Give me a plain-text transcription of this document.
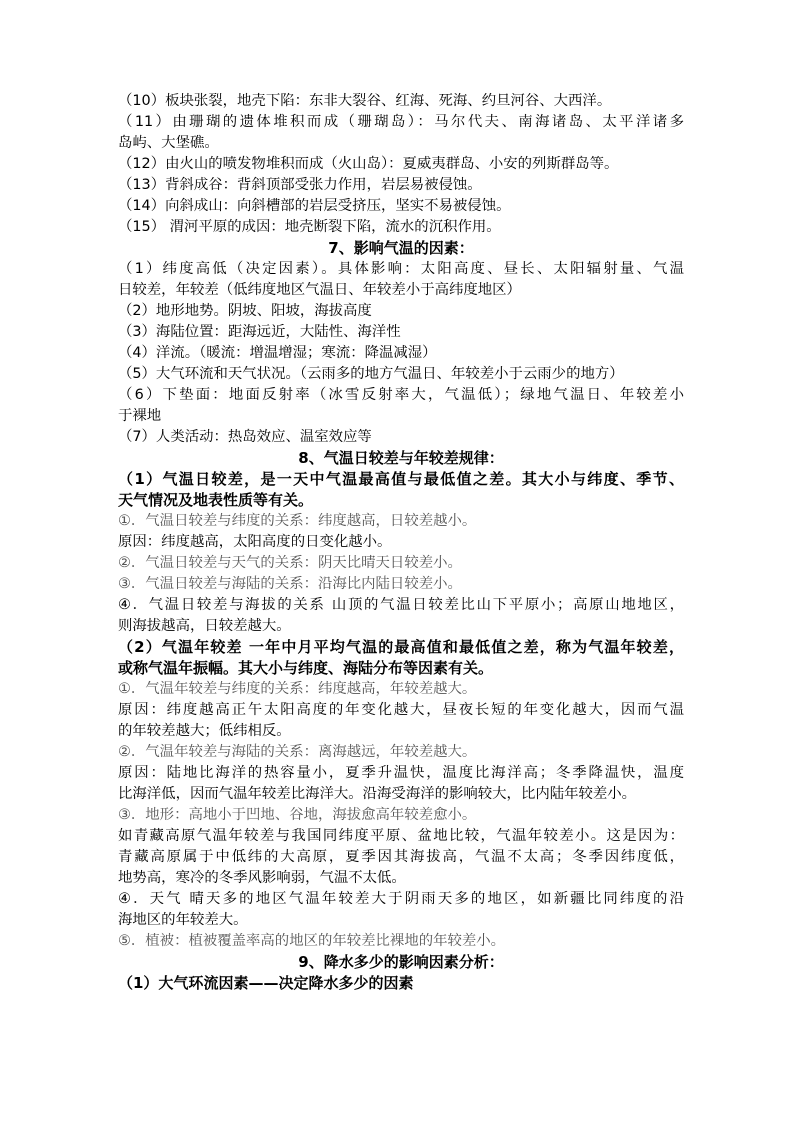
（10）板块张裂，地壳下陷：东非大裂谷、红海、死海、约旦河谷、大西洋。
（11）由珊瑚的遗体堆积而成（珊瑚岛）：马尔代夫、南海诸岛、太平洋诸多
岛屿、大堡礁。
（12）由火山的喷发物堆积而成（火山岛）：夏威夷群岛、小安的列斯群岛等。
（13）背斜成谷：背斜顶部受张力作用，岩层易被侵蚀。
（14）向斜成山：向斜槽部的岩层受挤压，坚实不易被侵蚀。
（15） 渭河平原的成因：地壳断裂下陷，流水的沉积作用。
7、影响气温的因素：
（1）纬度高低（决定因素）。具体影响：太阳高度、昼长、太阳辐射量、气温
日较差，年较差（低纬度地区气温日、年较差小于高纬度地区）
（2）地形地势。阴坡、阳坡，海拔高度
（3）海陆位置：距海远近，大陆性、海洋性
（4）洋流。（暖流：增温增湿；寒流：降温减湿）
（5）大气环流和天气状况。（云雨多的地方气温日、年较差小于云雨少的地方）
（6）下垫面：地面反射率（冰雪反射率大，气温低）；绿地气温日、年较差小
于裸地
（7）人类活动：热岛效应、温室效应等
8、气温日较差与年较差规律：
（1）气温日较差，是一天中气温最高值与最低值之差。其大小与纬度、季节、
天气情况及地表性质等有关。
①．气温日较差与纬度的关系：纬度越高，日较差越小。
原因：纬度越高，太阳高度的日变化越小。
②．气温日较差与天气的关系：阴天比晴天日较差小。
③．气温日较差与海陆的关系：沿海比内陆日较差小。
④．气温日较差与海拔的关系 山顶的气温日较差比山下平原小；高原山地地区，
则海拔越高，日较差越大。
（2）气温年较差 一年中月平均气温的最高值和最低值之差，称为气温年较差，
或称气温年振幅。其大小与纬度、海陆分布等因素有关。
①．气温年较差与纬度的关系：纬度越高，年较差越大。
原因：纬度越高正午太阳高度的年变化越大，昼夜长短的年变化越大，因而气温
的年较差越大；低纬相反。
②．气温年较差与海陆的关系：离海越远，年较差越大。
原因：陆地比海洋的热容量小，夏季升温快，温度比海洋高；冬季降温快，温度
比海洋低，因而气温年较差比海洋大。沿海受海洋的影响较大，比内陆年较差小。
③．地形：高地小于凹地、谷地，海拔愈高年较差愈小。
如青藏高原气温年较差与我国同纬度平原、盆地比较，气温年较差小。这是因为：
青藏高原属于中低纬的大高原，夏季因其海拔高，气温不太高；冬季因纬度低，
地势高，寒冷的冬季风影响弱，气温不太低。
④．天气 晴天多的地区气温年较差大于阴雨天多的地区，如新疆比同纬度的沿
海地区的年较差大。
⑤．植被：植被覆盖率高的地区的年较差比裸地的年较差小。
9、降水多少的影响因素分析：
（1）大气环流因素——决定降水多少的因素
